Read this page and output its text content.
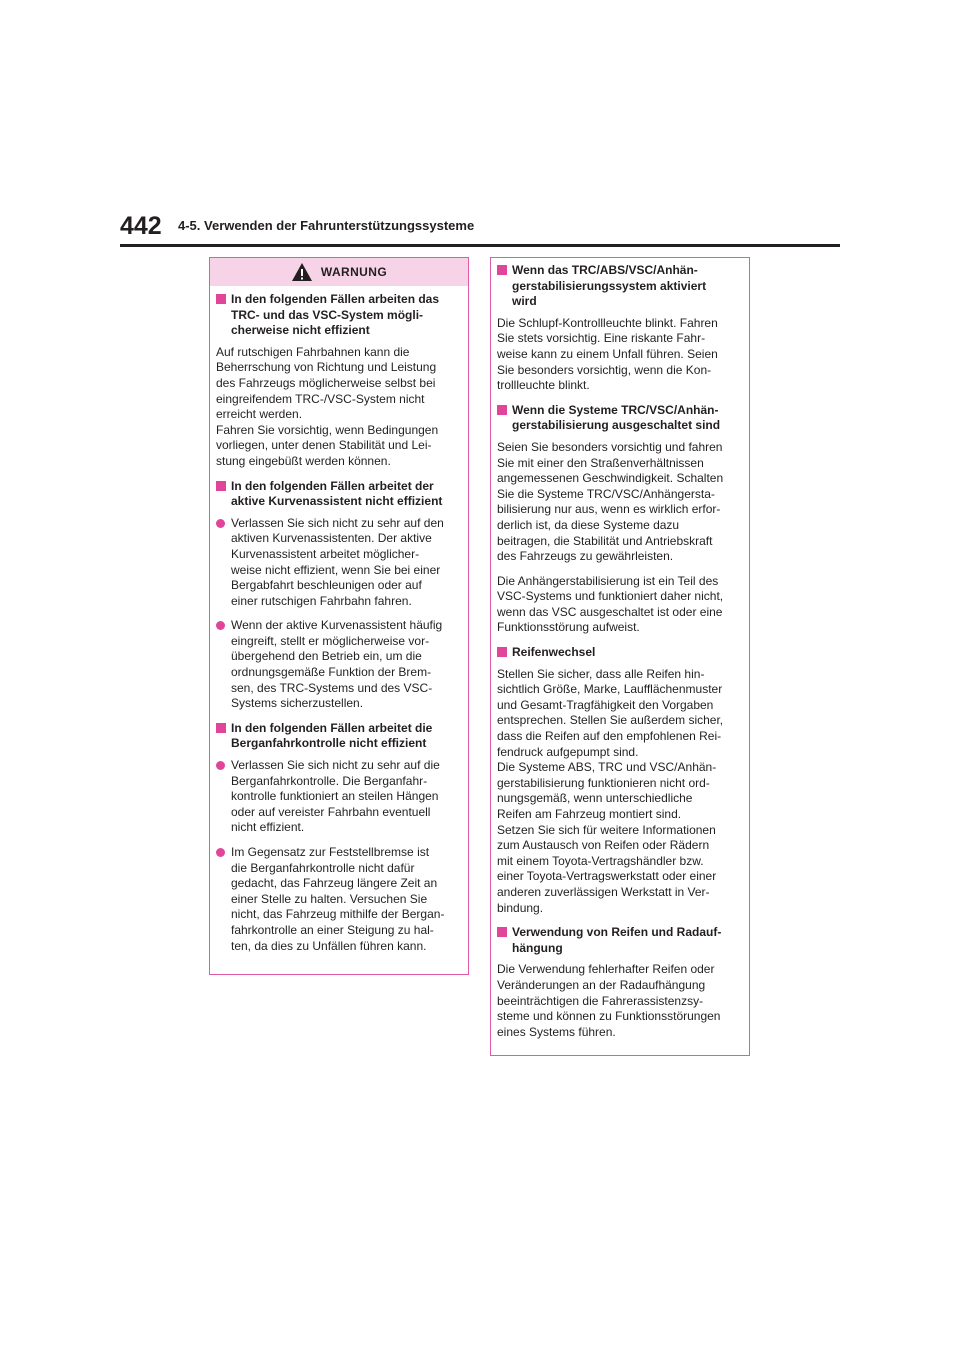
442 4-5. Verwenden der Fahrunterstützungssysteme
WARNUNG
In den folgenden Fällen arbeiten das
TRC- und das VSC-System mögli-
cherweise nicht effizient
Auf rutschigen Fahrbahnen kann die
Beherrschung von Richtung und Leistung
des Fahrzeugs möglicherweise selbst bei
eingreifendem TRC-/VSC-System nicht
erreicht werden.
Fahren Sie vorsichtig, wenn Bedingungen
vorliegen, unter denen Stabilität und Lei-
stung eingebüßt werden können.
In den folgenden Fällen arbeitet der
aktive Kurvenassistent nicht effizient
Verlassen Sie sich nicht zu sehr auf den
aktiven Kurvenassistenten. Der aktive
Kurvenassistent arbeitet möglicher-
weise nicht effizient, wenn Sie bei einer
Bergabfahrt beschleunigen oder auf
einer rutschigen Fahrbahn fahren.
Wenn der aktive Kurvenassistent häufig
eingreift, stellt er möglicherweise vor-
übergehend den Betrieb ein, um die
ordnungsgemäße Funktion der Brem-
sen, des TRC-Systems und des VSC-
Systems sicherzustellen.
In den folgenden Fällen arbeitet die
Berganfahrkontrolle nicht effizient
Verlassen Sie sich nicht zu sehr auf die
Berganfahrkontrolle. Die Berganfahr-
kontrolle funktioniert an steilen Hängen
oder auf vereister Fahrbahn eventuell
nicht effizient.
Im Gegensatz zur Feststellbremse ist
die Berganfahrkontrolle nicht dafür
gedacht, das Fahrzeug längere Zeit an
einer Stelle zu halten. Versuchen Sie
nicht, das Fahrzeug mithilfe der Bergan-
fahrkontrolle an einer Steigung zu hal-
ten, da dies zu Unfällen führen kann.
Wenn das TRC/ABS/VSC/Anhän-
gerstabilisierungssystem aktiviert
wird
Die Schlupf-Kontrollleuchte blinkt. Fahren
Sie stets vorsichtig. Eine riskante Fahr-
weise kann zu einem Unfall führen. Seien
Sie besonders vorsichtig, wenn die Kon-
trollleuchte blinkt.
Wenn die Systeme TRC/VSC/Anhän-
gerstabilisierung ausgeschaltet sind
Seien Sie besonders vorsichtig und fahren
Sie mit einer den Straßenverhältnissen
angemessenen Geschwindigkeit. Schalten
Sie die Systeme TRC/VSC/Anhängersta-
bilisierung nur aus, wenn es wirklich erfor-
derlich ist, da diese Systeme dazu
beitragen, die Stabilität und Antriebskraft
des Fahrzeugs zu gewährleisten.
Die Anhängerstabilisierung ist ein Teil des
VSC-Systems und funktioniert daher nicht,
wenn das VSC ausgeschaltet ist oder eine
Funktionsstörung aufweist.
Reifenwechsel
Stellen Sie sicher, dass alle Reifen hin-
sichtlich Größe, Marke, Laufflächenmuster
und Gesamt-Tragfähigkeit den Vorgaben
entsprechen. Stellen Sie außerdem sicher,
dass die Reifen auf den empfohlenen Rei-
fendruck aufgepumpt sind.
Die Systeme ABS, TRC und VSC/Anhän-
gerstabilisierung funktionieren nicht ord-
nungsgemäß, wenn unterschiedliche
Reifen am Fahrzeug montiert sind.
Setzen Sie sich für weitere Informationen
zum Austausch von Reifen oder Rädern
mit einem Toyota-Vertragshändler bzw.
einer Toyota-Vertragswerkstatt oder einer
anderen zuverlässigen Werkstatt in Ver-
bindung.
Verwendung von Reifen und Radauf-
hängung
Die Verwendung fehlerhafter Reifen oder
Veränderungen an der Radaufhängung
beeinträchtigen die Fahrerassistenzsy-
steme und können zu Funktionsstörungen
eines Systems führen.
